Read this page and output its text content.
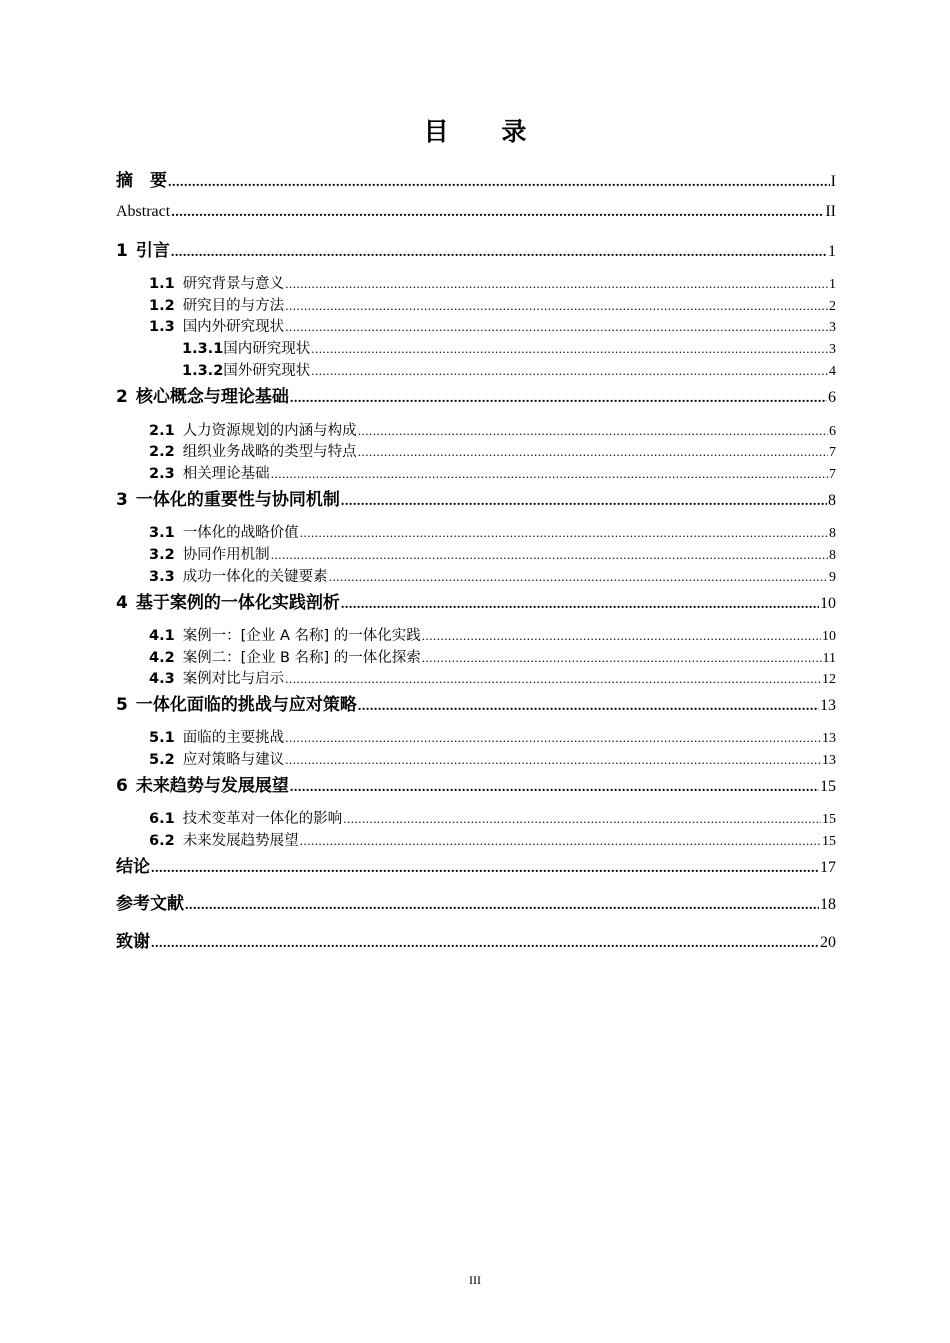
目 录
摘　要 .....	I
Abstract .....	II
1 引言 .....	1
1.1 研究背景与意义 .....	1
1.2 研究目的与方法 .....	2
1.3 国内外研究现状 .....	3
1.3.1 国内研究现状 .....	3
1.3.2 国外研究现状 .....	4
2 核心概念与理论基础 .....	6
2.1 人力资源规划的内涵与构成 .....	6
2.2 组织业务战略的类型与特点 .....	7
2.3 相关理论基础 .....	7
3 一体化的重要性与协同机制 .....	8
3.1 一体化的战略价值 .....	8
3.2 协同作用机制 .....	8
3.3 成功一体化的关键要素 .....	9
4 基于案例的一体化实践剖析 .....	10
4.1 案例一：[企业 A 名称] 的一体化实践 .....	10
4.2 案例二：[企业 B 名称] 的一体化探索 .....	11
4.3 案例对比与启示 .....	12
5 一体化面临的挑战与应对策略 .....	13
5.1 面临的主要挑战 .....	13
5.2 应对策略与建议 .....	13
6 未来趋势与发展展望 .....	15
6.1 技术变革对一体化的影响 .....	15
6.2 未来发展趋势展望 .....	15
结论 .....	17
参考文献 .....	18
致谢 .....	20
III
